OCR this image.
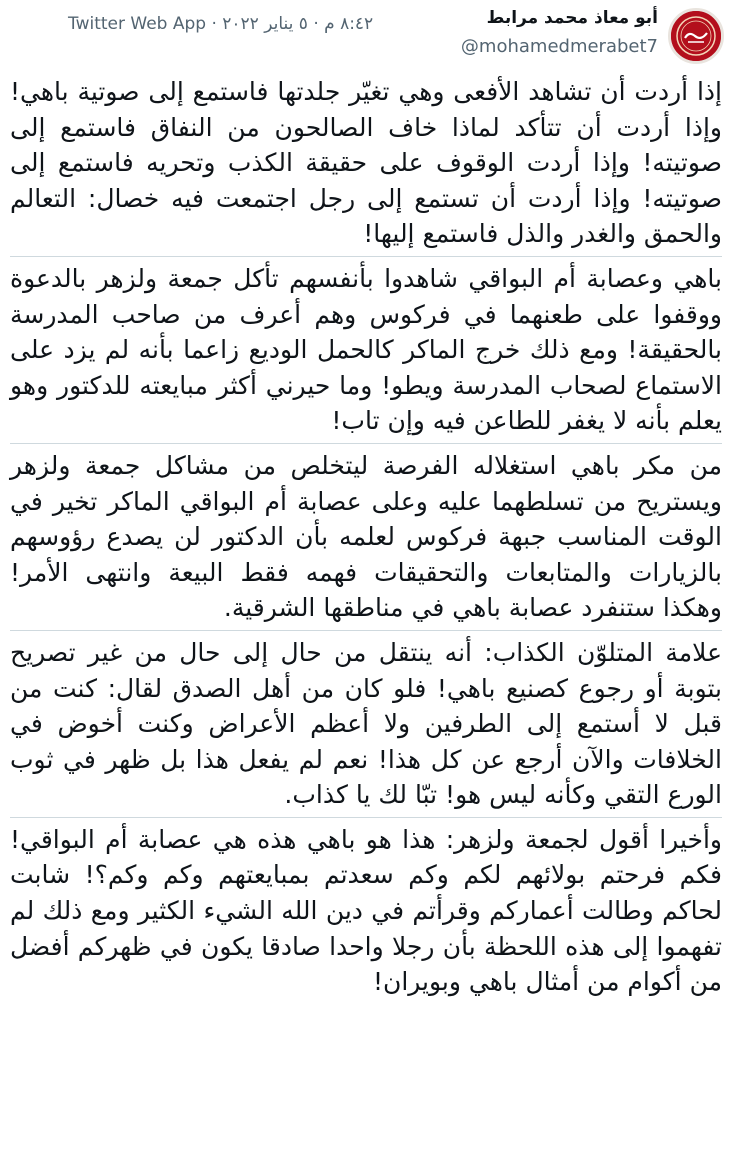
٨:٤٢ م · ٥ يناير ٢٠٢٢ · Twitter Web App	أبو معاذ محمد مرابط
@mohamedmerabet7

إذا أردت أن تشاهد الأفعى وهي تغيّر جلدتها فاستمع إلى صوتية باهي! وإذا أردت أن تتأكد لماذا خاف الصالحون من النفاق فاستمع إلى صوتيته! وإذا أردت الوقوف على حقيقة الكذب وتحريه فاستمع إلى صوتيته! وإذا أردت أن تستمع إلى رجل اجتمعت فيه خصال: التعالم والحمق والغدر والذل فاستمع إليها!

باهي وعصابة أم البواقي شاهدوا بأنفسهم تأكل جمعة ولزهر بالدعوة ووقفوا على طعنهما في فركوس وهم أعرف من صاحب المدرسة بالحقيقة! ومع ذلك خرج الماكر كالحمل الوديع زاعما بأنه لم يزد على الاستماع لصحاب المدرسة ويطو! وما حيرني أكثر مبايعته للدكتور وهو يعلم بأنه لا يغفر للطاعن فيه وإن تاب!

من مكر باهي استغلاله الفرصة ليتخلص من مشاكل جمعة ولزهر ويستريح من تسلطهما عليه وعلى عصابة أم البواقي الماكر تخير في الوقت المناسب جبهة فركوس لعلمه بأن الدكتور لن يصدع رؤوسهم بالزيارات والمتابعات والتحقيقات فهمه فقط البيعة وانتهى الأمر! وهكذا ستنفرد عصابة باهي في مناطقها الشرقية.

علامة المتلوّن الكذاب: أنه ينتقل من حال إلى حال من غير تصريح بتوبة أو رجوع كصنيع باهي! فلو كان من أهل الصدق لقال: كنت من قبل لا أستمع إلى الطرفين ولا أعظم الأعراض وكنت أخوض في الخلافات والآن أرجع عن كل هذا! نعم لم يفعل هذا بل ظهر في ثوب الورع التقي وكأنه ليس هو! تبّا لك يا كذاب.

وأخيرا أقول لجمعة ولزهر: هذا هو باهي هذه هي عصابة أم البواقي! فكم فرحتم بولائهم لكم وكم سعدتم بمبايعتهم وكم وكم؟! شابت لحاكم وطالت أعماركم وقرأتم في دين الله الشيء الكثير ومع ذلك لم تفهموا إلى هذه اللحظة بأن رجلا واحدا صادقا يكون في ظهركم أفضل من أكوام من أمثال باهي وبويران!
